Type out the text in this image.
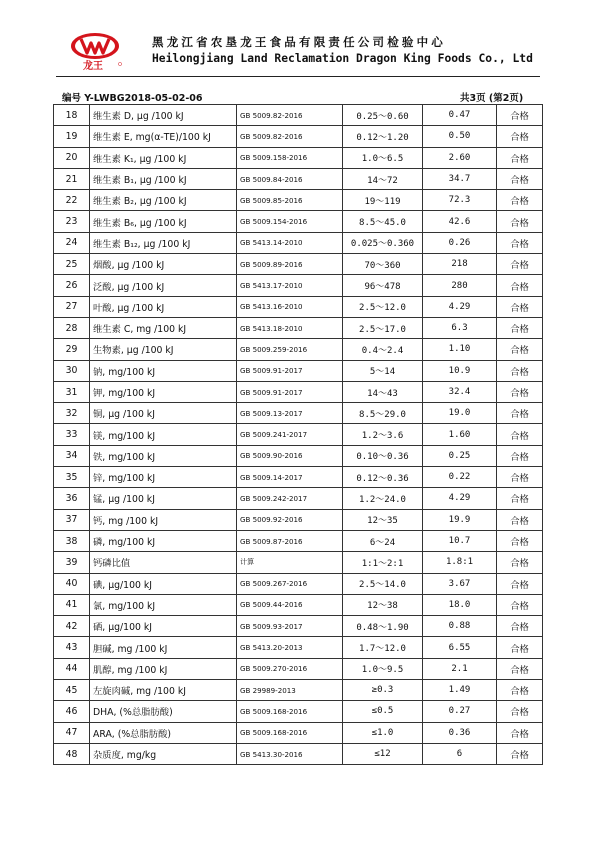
龙王
黑龙江省农垦龙王食品有限责任公司检验中心
Heilongjiang Land Reclamation Dragon King Foods Co., Ltd
编号 Y-LWBG2018-05-02-06	共3页 (第2页)
18	维生素 D, μg /100 kJ	GB 5009.82-2016	0.25～0.60	0.47	合格
19	维生素 E, mg(α-TE)/100 kJ	GB 5009.82-2016	0.12～1.20	0.50	合格
20	维生素 K₁, μg /100 kJ	GB 5009.158-2016	1.0～6.5	2.60	合格
21	维生素 B₁, μg /100 kJ	GB 5009.84-2016	14～72	34.7	合格
22	维生素 B₂, μg /100 kJ	GB 5009.85-2016	19～119	72.3	合格
23	维生素 B₆, μg /100 kJ	GB 5009.154-2016	8.5～45.0	42.6	合格
24	维生素 B₁₂, μg /100 kJ	GB 5413.14-2010	0.025～0.360	0.26	合格
25	烟酸, μg /100 kJ	GB 5009.89-2016	70～360	218	合格
26	泛酸, μg /100 kJ	GB 5413.17-2010	96～478	280	合格
27	叶酸, μg /100 kJ	GB 5413.16-2010	2.5～12.0	4.29	合格
28	维生素 C, mg /100 kJ	GB 5413.18-2010	2.5～17.0	6.3	合格
29	生物素, μg /100 kJ	GB 5009.259-2016	0.4～2.4	1.10	合格
30	钠, mg/100 kJ	GB 5009.91-2017	5～14	10.9	合格
31	钾, mg/100 kJ	GB 5009.91-2017	14～43	32.4	合格
32	铜, μg /100 kJ	GB 5009.13-2017	8.5～29.0	19.0	合格
33	镁, mg/100 kJ	GB 5009.241-2017	1.2～3.6	1.60	合格
34	铁, mg/100 kJ	GB 5009.90-2016	0.10～0.36	0.25	合格
35	锌, mg/100 kJ	GB 5009.14-2017	0.12～0.36	0.22	合格
36	锰, μg /100 kJ	GB 5009.242-2017	1.2～24.0	4.29	合格
37	钙, mg /100 kJ	GB 5009.92-2016	12～35	19.9	合格
38	磷, mg/100 kJ	GB 5009.87-2016	6～24	10.7	合格
39	钙磷比值	计算	1:1～2:1	1.8:1	合格
40	碘, μg/100 kJ	GB 5009.267-2016	2.5～14.0	3.67	合格
41	氯, mg/100 kJ	GB 5009.44-2016	12～38	18.0	合格
42	硒, μg/100 kJ	GB 5009.93-2017	0.48～1.90	0.88	合格
43	胆碱, mg /100 kJ	GB 5413.20-2013	1.7～12.0	6.55	合格
44	肌醇, mg /100 kJ	GB 5009.270-2016	1.0～9.5	2.1	合格
45	左旋肉碱, mg /100 kJ	GB 29989-2013	≥0.3	1.49	合格
46	DHA, (%总脂肪酸)	GB 5009.168-2016	≤0.5	0.27	合格
47	ARA, (%总脂肪酸)	GB 5009.168-2016	≤1.0	0.36	合格
48	杂质度, mg/kg	GB 5413.30-2016	≤12	6	合格
